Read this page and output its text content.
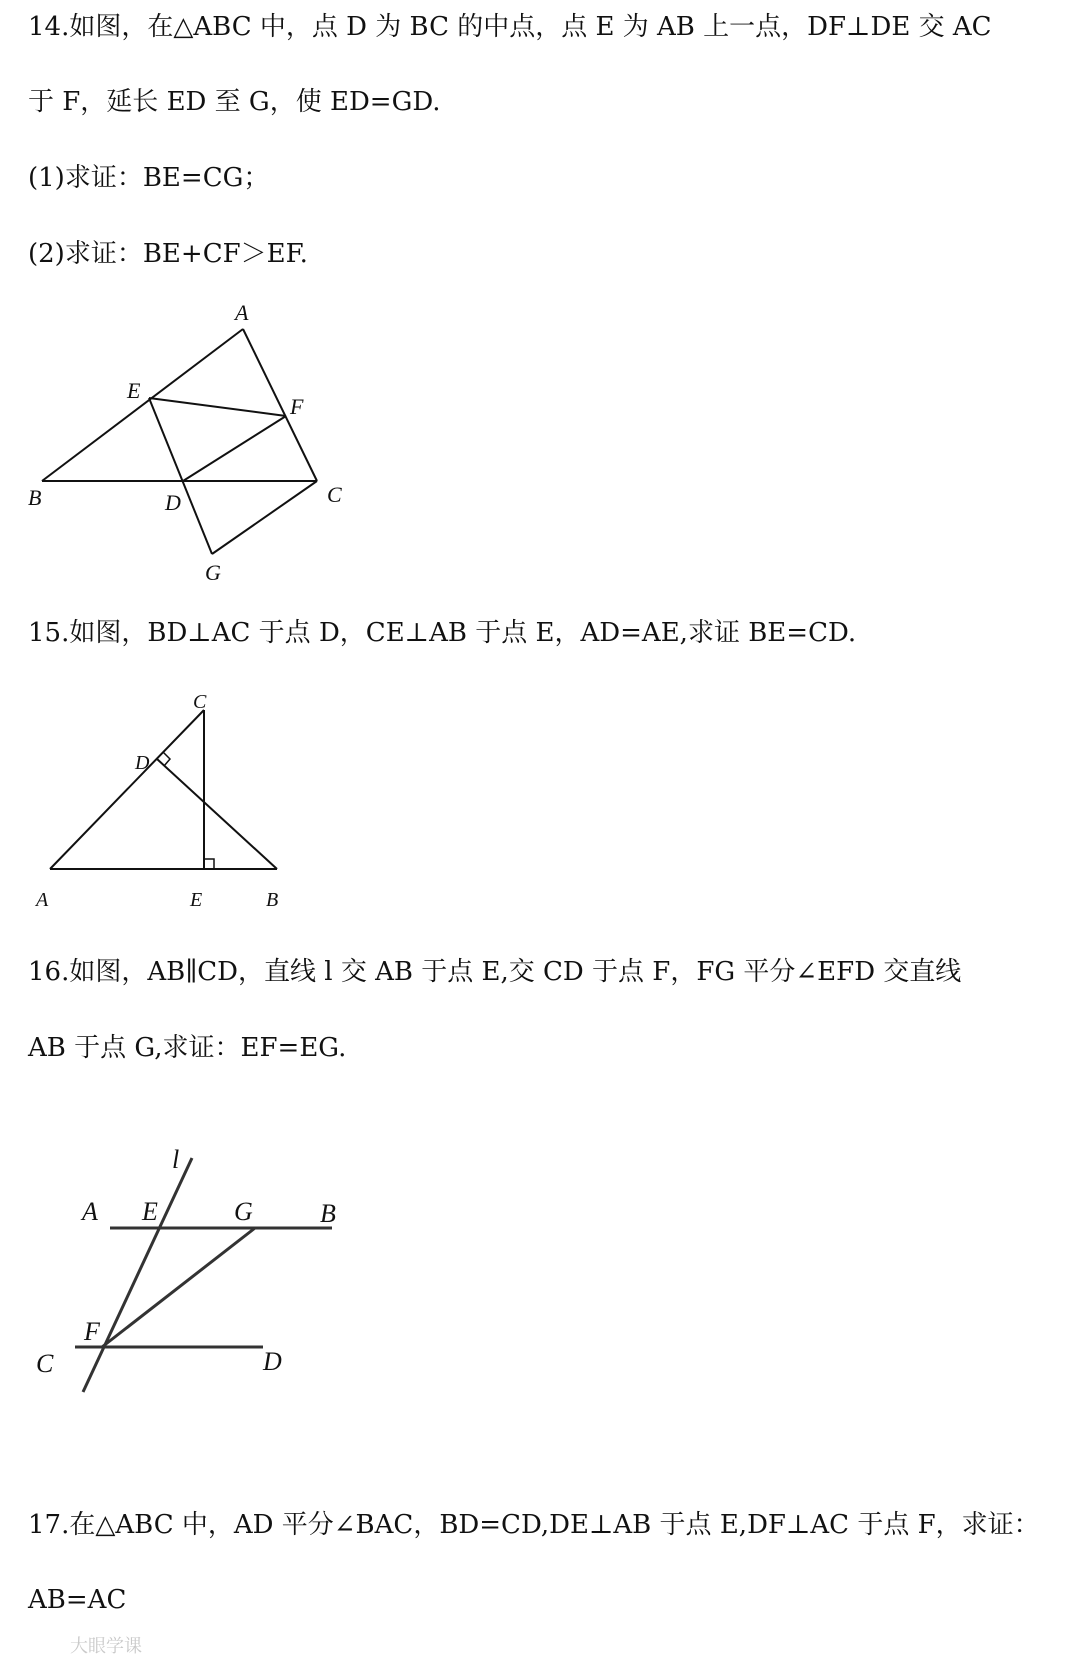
14.如图，在△ABC 中，点 D 为 BC 的中点，点 E 为 AB 上一点，DF⊥DE 交 AC
于 F，延长 ED 至 G，使 ED=GD.
(1)求证：BE=CG；
(2)求证：BE+CF＞EF.
A
E
F
B	D	C
G
15.如图，BD⊥AC 于点 D，CE⊥AB 于点 E，AD=AE,求证 BE=CD.
C
D
A	E	B
16.如图，AB∥CD，直线 l 交 AB 于点 E,交 CD 于点 F，FG 平分∠EFD 交直线
AB 于点 G,求证：EF=EG.
l
A E	G	B
F
C	D
17.在△ABC 中，AD 平分∠BAC，BD=CD,DE⊥AB 于点 E,DF⊥AC 于点 F，求证：
AB=AC
大眼学课
